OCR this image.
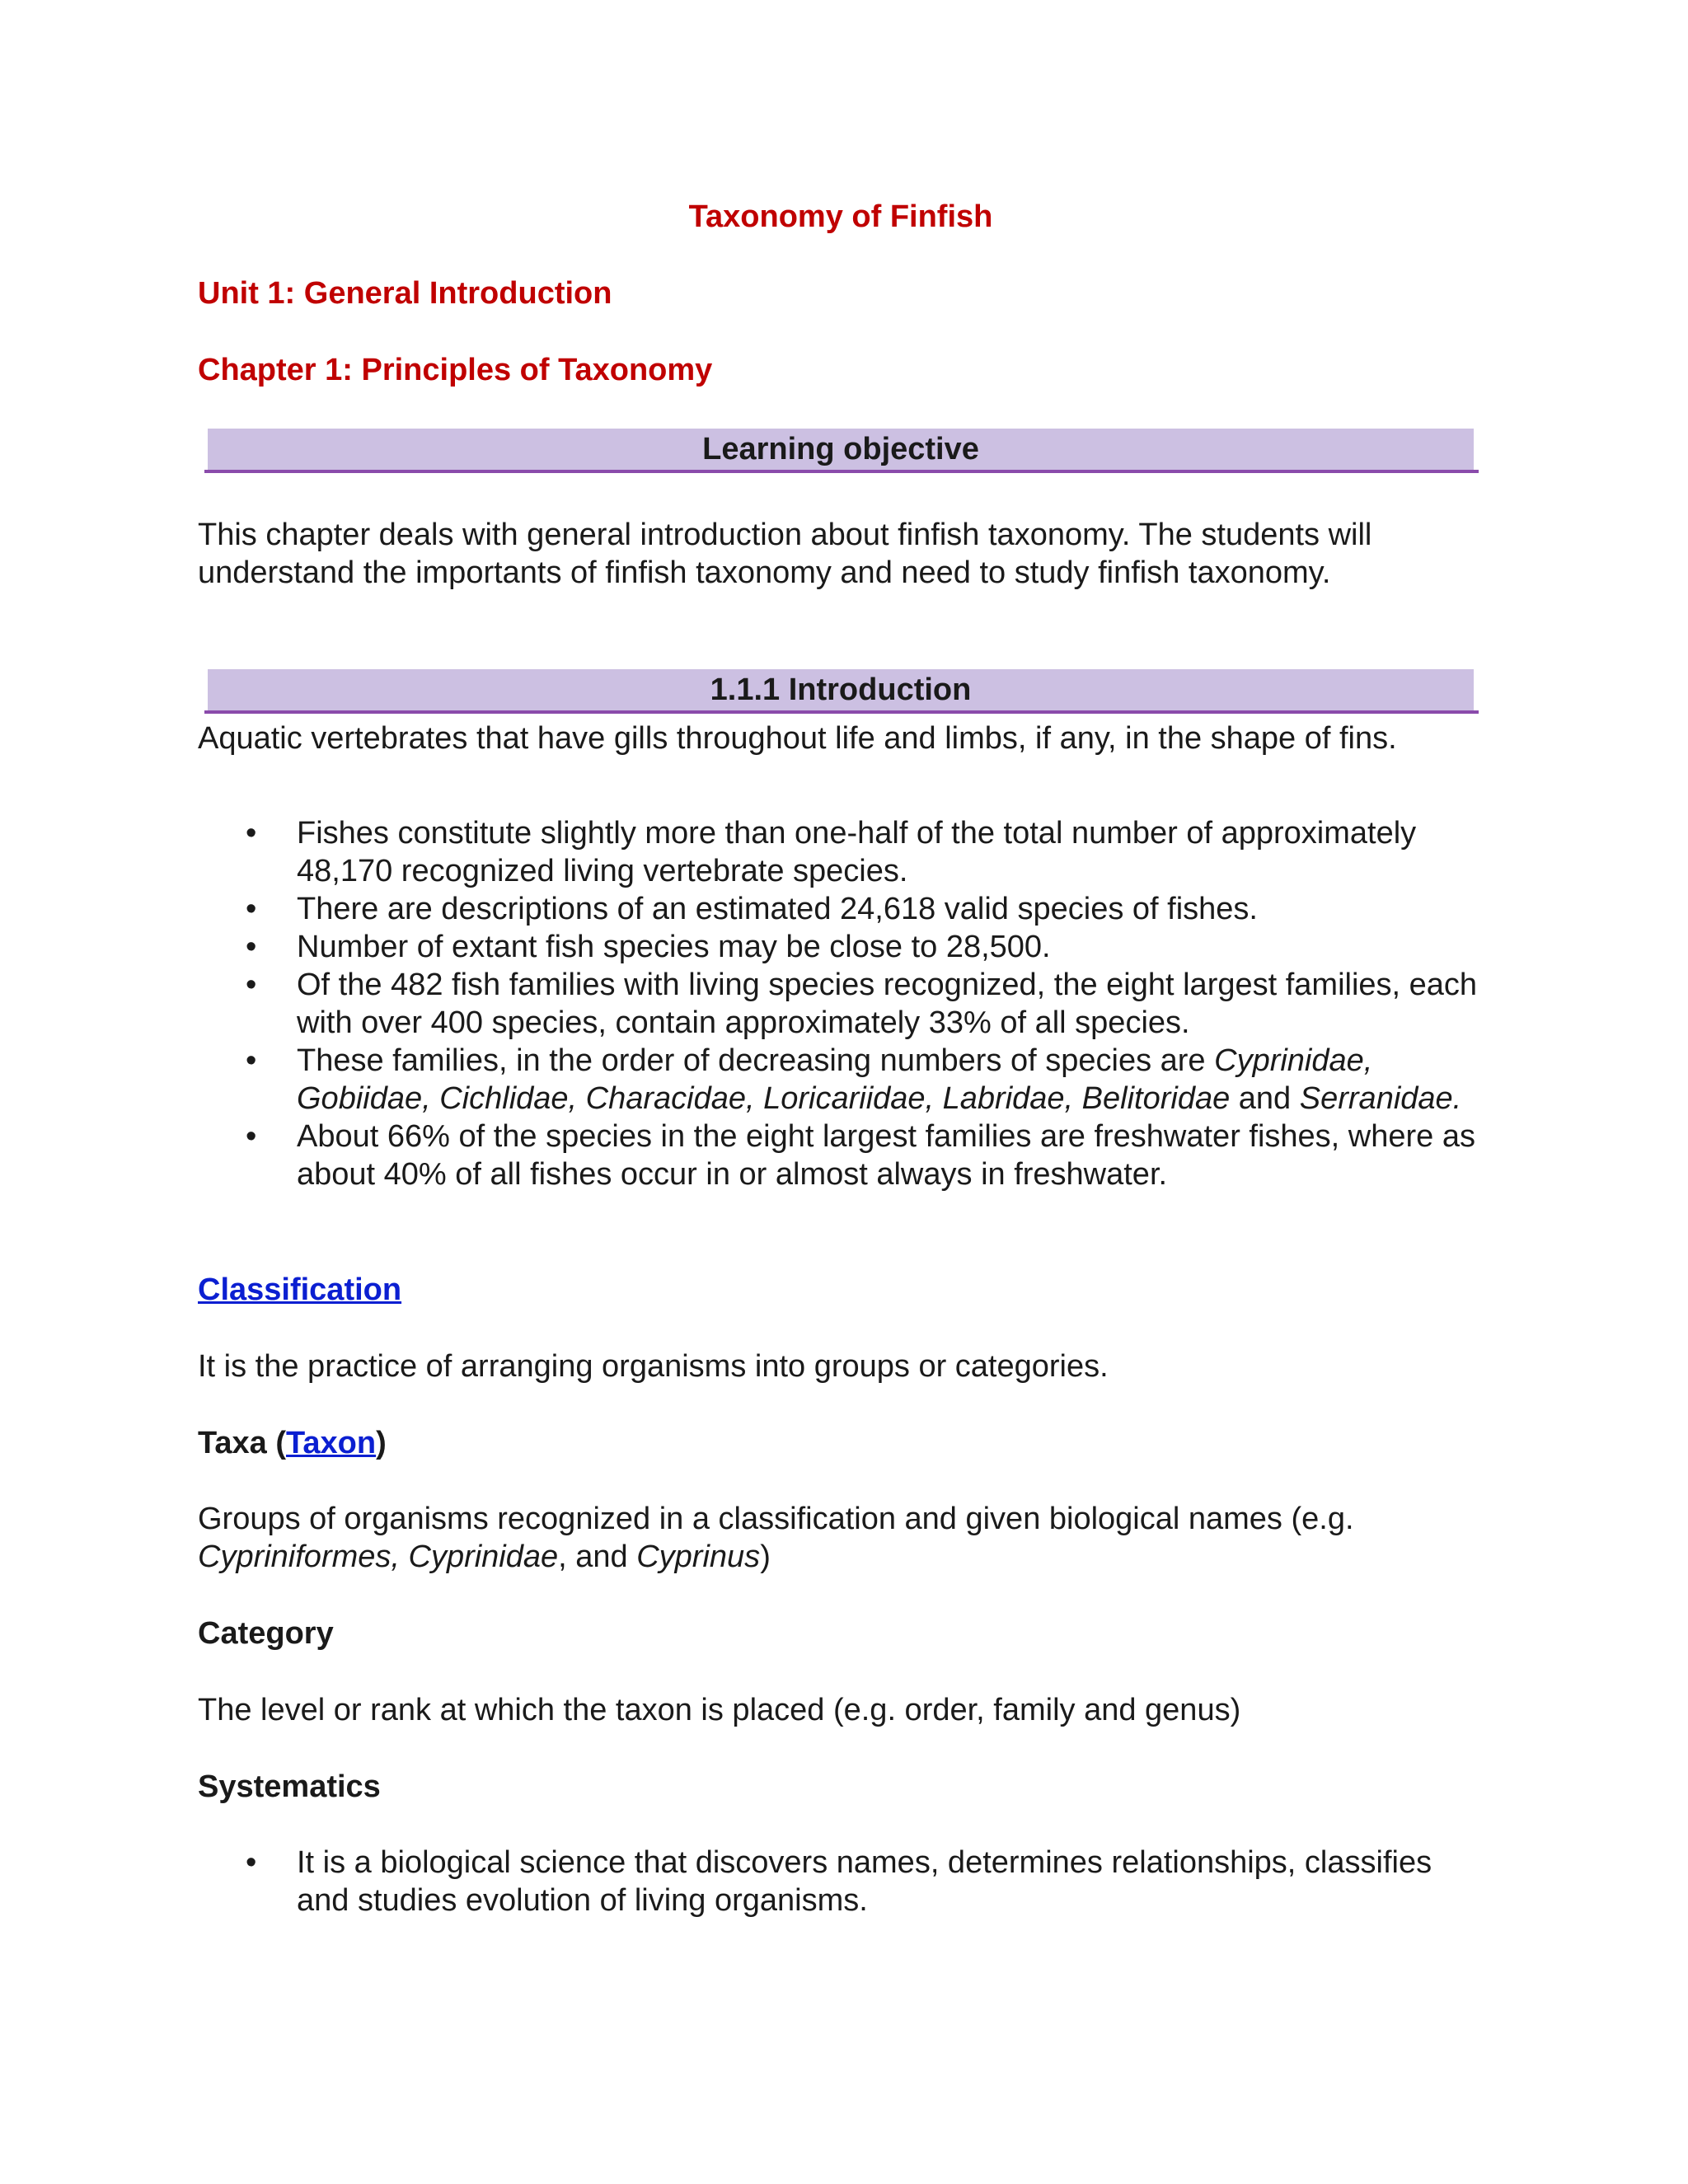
Taxonomy of Finfish
Unit 1: General Introduction
Chapter 1: Principles of Taxonomy
Learning objective
This chapter deals with general introduction about finfish taxonomy. The students will understand the importants of finfish taxonomy and need to study finfish taxonomy.
1.1.1 Introduction
Aquatic vertebrates that have gills throughout life and limbs, if any, in the shape of fins.
• Fishes constitute slightly more than one-half of the total number of approximately 48,170 recognized living vertebrate species.
• There are descriptions of an estimated 24,618 valid species of fishes.
• Number of extant fish species may be close to 28,500.
• Of the 482 fish families with living species recognized, the eight largest families, each with over 400 species, contain approximately 33% of all species.
• These families, in the order of decreasing numbers of species are Cyprinidae, Gobiidae, Cichlidae, Characidae, Loricariidae, Labridae, Belitoridae and Serranidae.
• About 66% of the species in the eight largest families are freshwater fishes, where as about 40% of all fishes occur in or almost always in freshwater.
Classification
It is the practice of arranging organisms into groups or categories.
Taxa (Taxon)
Groups of organisms recognized in a classification and given biological names (e.g. Cypriniformes, Cyprinidae, and Cyprinus)
Category
The level or rank at which the taxon is placed (e.g. order, family and genus)
Systematics
• It is a biological science that discovers names, determines relationships, classifies and studies evolution of living organisms.
